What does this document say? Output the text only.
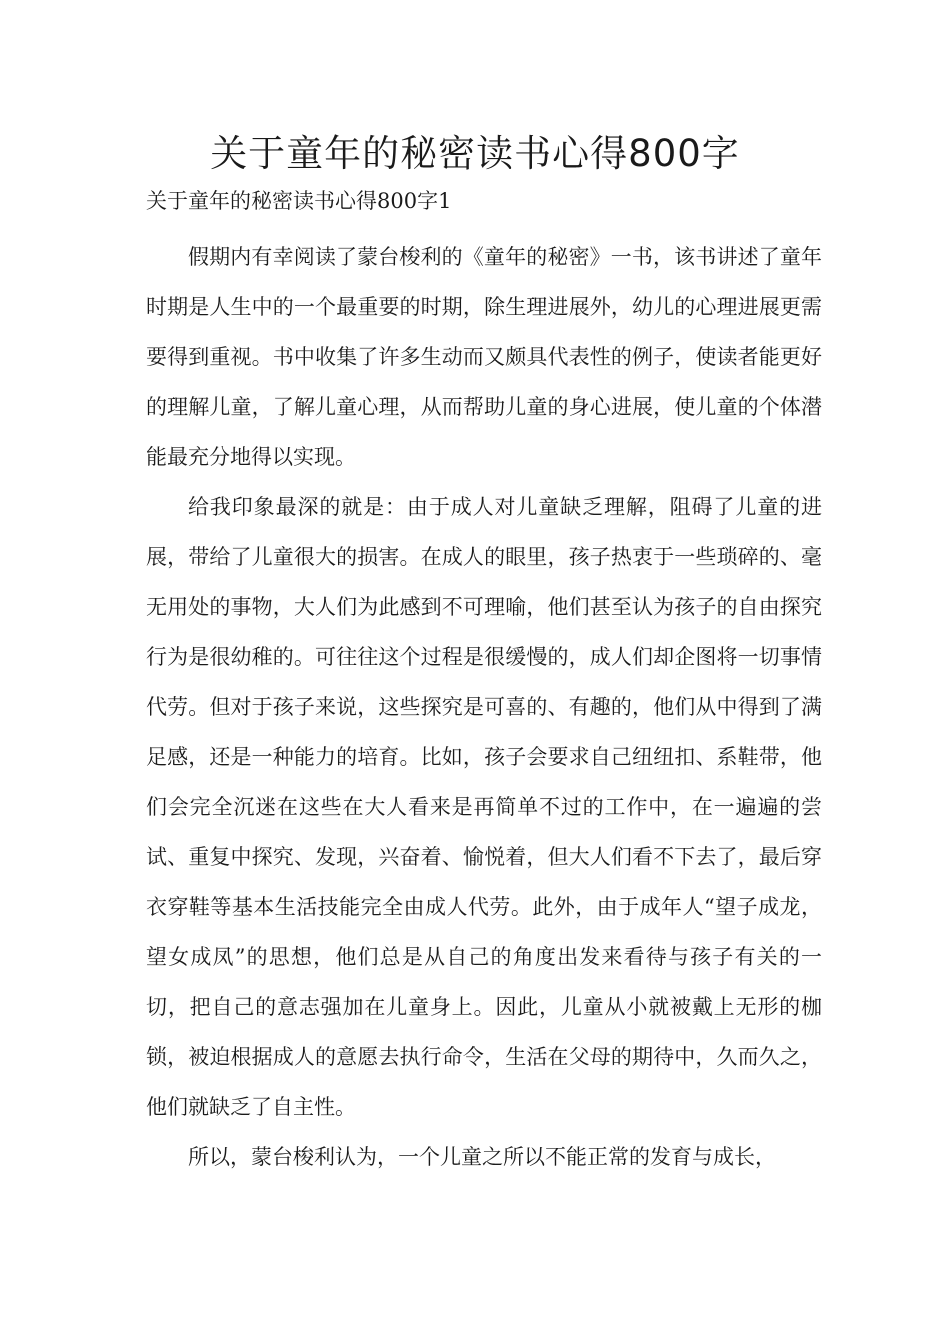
关于童年的秘密读书心得800字

关于童年的秘密读书心得800字1

假期内有幸阅读了蒙台梭利的《童年的秘密》一书，该书讲述了童年时期是人生中的一个最重要的时期，除生理进展外，幼儿的心理进展更需要得到重视。书中收集了许多生动而又颇具代表性的例子，使读者能更好的理解儿童，了解儿童心理，从而帮助儿童的身心进展，使儿童的个体潜能最充分地得以实现。

给我印象最深的就是：由于成人对儿童缺乏理解，阻碍了儿童的进展，带给了儿童很大的损害。在成人的眼里，孩子热衷于一些琐碎的、毫无用处的事物，大人们为此感到不可理喻，他们甚至认为孩子的自由探究行为是很幼稚的。可往往这个过程是很缓慢的，成人们却企图将一切事情代劳。但对于孩子来说，这些探究是可喜的、有趣的，他们从中得到了满足感，还是一种能力的培育。比如，孩子会要求自己纽纽扣、系鞋带，他们会完全沉迷在这些在大人看来是再简单不过的工作中，在一遍遍的尝试、重复中探究、发现，兴奋着、愉悦着，但大人们看不下去了，最后穿衣穿鞋等基本生活技能完全由成人代劳。此外，由于成年人“望子成龙，望女成凤”的思想，他们总是从自己的角度出发来看待与孩子有关的一切，把自己的意志强加在儿童身上。因此，儿童从小就被戴上无形的枷锁，被迫根据成人的意愿去执行命令，生活在父母的期待中，久而久之，他们就缺乏了自主性。

所以，蒙台梭利认为，一个儿童之所以不能正常的发育与成长，
